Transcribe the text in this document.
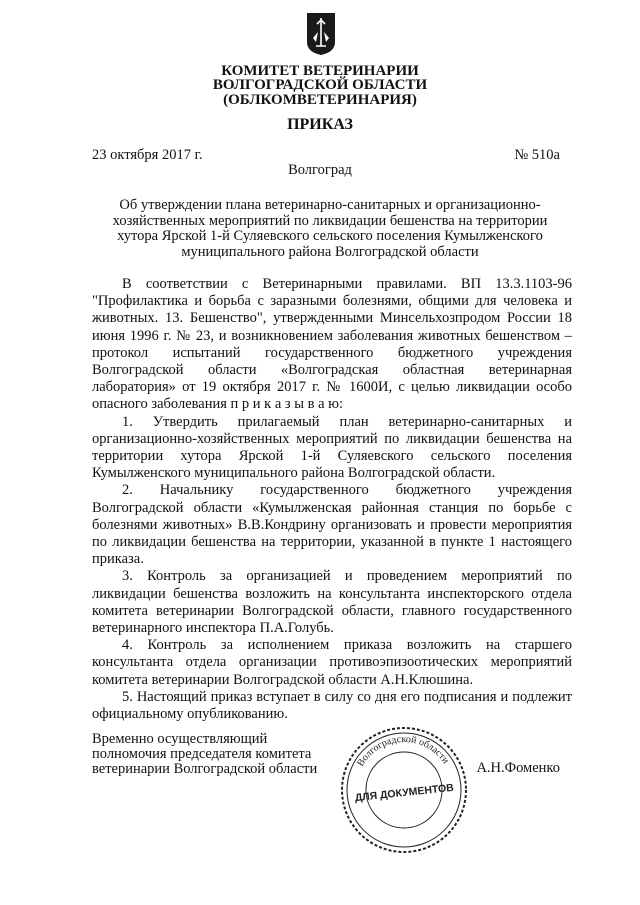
КОМИТЕТ ВЕТЕРИНАРИИ
ВОЛГОГРАДСКОЙ ОБЛАСТИ
(ОБЛКОМВЕТЕРИНАРИЯ)
ПРИКАЗ
23 октября 2017 г.	№ 510а
Волгоград
Об утверждении плана ветеринарно-санитарных и организационно-
хозяйственных мероприятий по ликвидации бешенства на территории
хутора Ярской 1-й Суляевского сельского поселения Кумылженского
муниципального района Волгоградской области

В соответствии с Ветеринарными правилами. ВП 13.3.1103-96 "Профилактика и борьба с заразными болезнями, общими для человека и животных. 13. Бешенство", утвержденными Минсельхозпродом России 18 июня 1996 г. № 23, и возникновением заболевания животных бешенством – протокол испытаний государственного бюджетного учреждения Волгоградской области «Волгоградская областная ветеринарная лаборатория» от 19 октября 2017 г. № 1600И, с целью ликвидации особо опасного заболевания п р и к а з ы в а ю:

1. Утвердить прилагаемый план ветеринарно-санитарных и организационно-хозяйственных мероприятий по ликвидации бешенства на территории хутора Ярской 1-й Суляевского сельского поселения Кумылженского муниципального района Волгоградской области.

2. Начальнику государственного бюджетного учреждения Волгоградской области «Кумылженская районная станция по борьбе с болезнями животных» В.В.Кондрину организовать и провести мероприятия по ликвидации бешенства на территории, указанной в пункте 1 настоящего приказа.

3. Контроль за организацией и проведением мероприятий по ликвидации бешенства возложить на консультанта инспекторского отдела комитета ветеринарии Волгоградской области, главного государственного ветеринарного инспектора П.А.Голубь.

4. Контроль за исполнением приказа возложить на старшего консультанта отдела организации противоэпизоотических мероприятий комитета ветеринарии Волгоградской области А.Н.Клюшина.

5. Настоящий приказ вступает в силу со дня его подписания и подлежит официальному опубликованию.

Временно осуществляющий
полномочия председателя комитета
ветеринарии Волгоградской области	А.Н.Фоменко
Волгоградской области
ДЛЯ ДОКУМЕНТОВ
